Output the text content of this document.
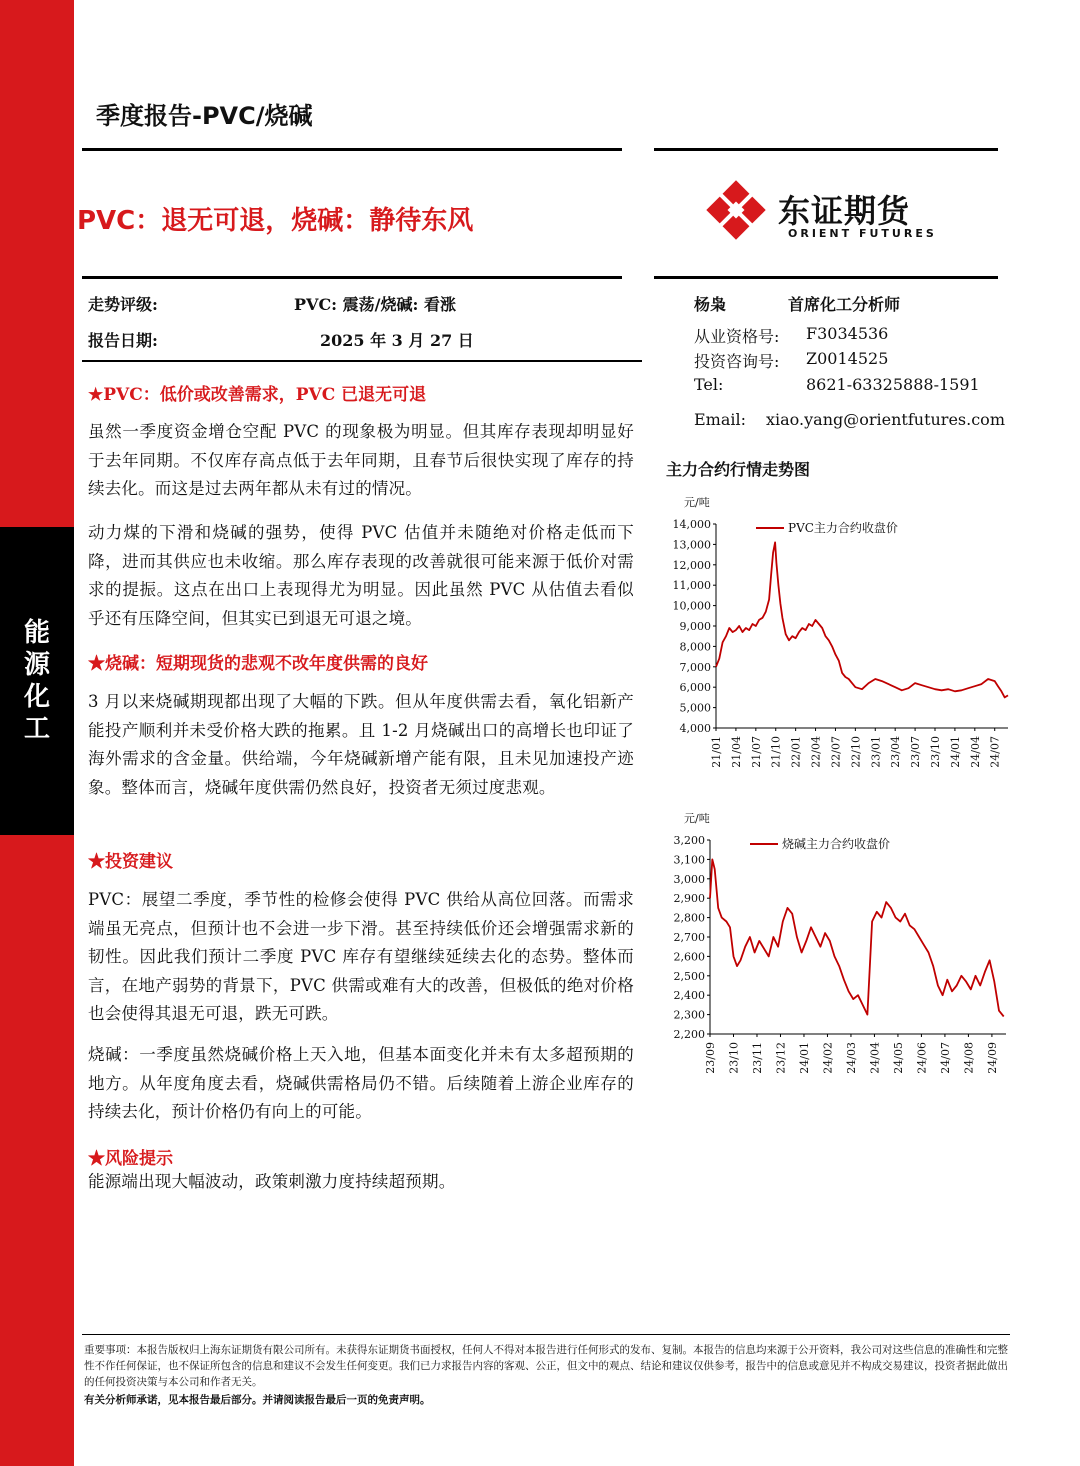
能
源
化
工
季度报告-PVC/烧碱
PVC：退无可退，烧碱：静待东风	东证期货
ORIENT FUTURES
走势评级:	PVC: 震荡/烧碱: 看涨
报告日期:	2025 年 3 月 27 日
杨枭	首席化工分析师
从业资格号: F3034536
投资咨询号: Z0014525
Tel:	8621-63325888-1591
Email: xiao.yang@orientfutures.com
★PVC：低价或改善需求，PVC 已退无可退
虽然一季度资金增仓空配 PVC 的现象极为明显。但其库存表现却明显好于去年同期。不仅库存高点低于去年同期，且春节后很快实现了库存的持续去化。而这是过去两年都从未有过的情况。
动力煤的下滑和烧碱的强势，使得 PVC 估值并未随绝对价格走低而下降，进而其供应也未收缩。那么库存表现的改善就很可能来源于低价对需求的提振。这点在出口上表现得尤为明显。因此虽然 PVC 从估值去看似乎还有压降空间，但其实已到退无可退之境。
★烧碱：短期现货的悲观不改年度供需的良好
3 月以来烧碱期现都出现了大幅的下跌。但从年度供需去看，氧化铝新产能投产顺利并未受价格大跌的拖累。且 1-2 月烧碱出口的高增长也印证了海外需求的含金量。供给端，今年烧碱新增产能有限，且未见加速投产迹象。整体而言，烧碱年度供需仍然良好，投资者无须过度悲观。
★投资建议
PVC：展望二季度，季节性的检修会使得 PVC 供给从高位回落。而需求端虽无亮点，但预计也不会进一步下滑。甚至持续低价还会增强需求新的韧性。因此我们预计二季度 PVC 库存有望继续延续去化的态势。整体而言，在地产弱势的背景下，PVC 供需或难有大的改善，但极低的绝对价格也会使得其退无可退，跌无可跌。
烧碱：一季度虽然烧碱价格上天入地，但基本面变化并未有太多超预期的地方。从年度角度去看，烧碱供需格局仍不错。后续随着上游企业库存的持续去化，预计价格仍有向上的可能。
★风险提示
能源端出现大幅波动，政策刺激力度持续超预期。
主力合约行情走势图
元/吨
4,000
5,000
6,000
7,000
8,000
9,000
10,000
11,000
12,000
13,000
14,000
21/01 21/04 21/07 21/10 22/01 22/04 22/07 22/10 23/01 23/04 23/07 23/10 24/01 24/04 24/07
PVC主力合约收盘价
元/吨
2,200
2,300
2,400
2,500
2,600
2,700
2,800
2,900
3,000
3,100
3,200
23/09 23/10 23/11 23/12 24/01 24/02 24/03 24/04 24/05 24/06 24/07 24/08 24/09
烧碱主力合约收盘价
重要事项：本报告版权归上海东证期货有限公司所有。未获得东证期货书面授权，任何人不得对本报告进行任何形式的发布、复制。本报告的信息均来源于公开资料，我公司对这些信息的准确性和完整性不作任何保证，也不保证所包含的信息和建议不会发生任何变更。我们已力求报告内容的客观、公正，但文中的观点、结论和建议仅供参考，报告中的信息或意见并不构成交易建议，投资者据此做出的任何投资决策与本公司和作者无关。
有关分析师承诺，见本报告最后部分。并请阅读报告最后一页的免责声明。
